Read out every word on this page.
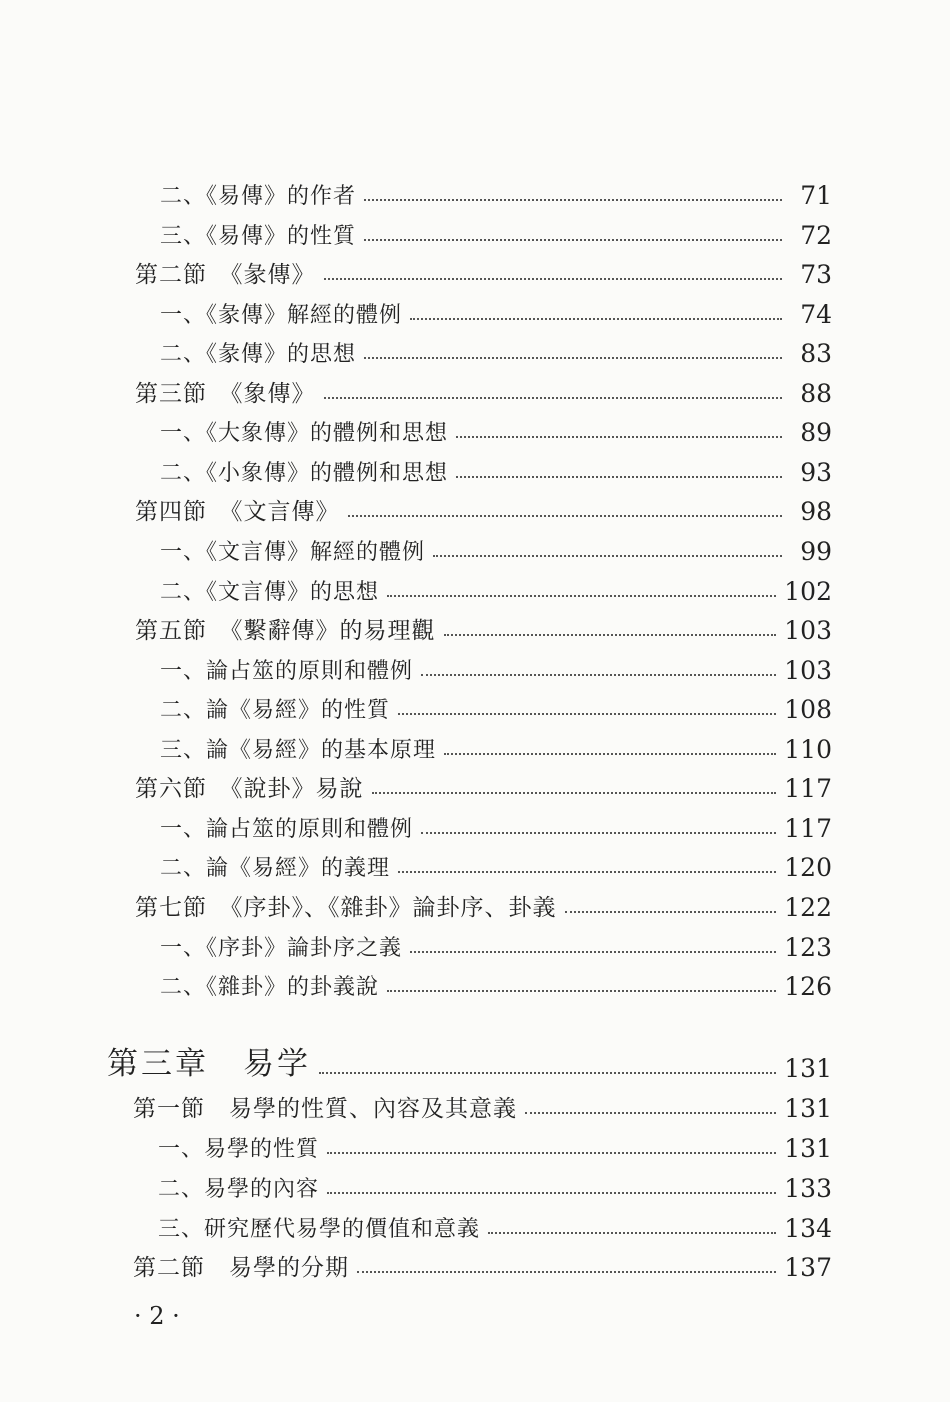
二、《易傳》的作者	71
三、《易傳》的性質	72
第二節　《彖傳》	73
一、《彖傳》解經的體例	74
二、《彖傳》的思想	83
第三節　《象傳》	88
一、《大象傳》的體例和思想	89
二、《小象傳》的體例和思想	93
第四節　《文言傳》	98
一、《文言傳》解經的體例	99
二、《文言傳》的思想	102
第五節　《繫辭傳》的易理觀	103
一、論占筮的原則和體例	103
二、論《易經》的性質	108
三、論《易經》的基本原理	110
第六節　《說卦》易說	117
一、論占筮的原則和體例	117
二、論《易經》的義理	120
第七節　《序卦》、《雜卦》論卦序、卦義	122
一、《序卦》論卦序之義	123
二、《雜卦》的卦義說	126
第三章　易学	131
第一節　易學的性質、內容及其意義	131
一、易學的性質	131
二、易學的內容	133
三、研究歷代易學的價值和意義	134
第二節　易學的分期	137
· 2 ·
